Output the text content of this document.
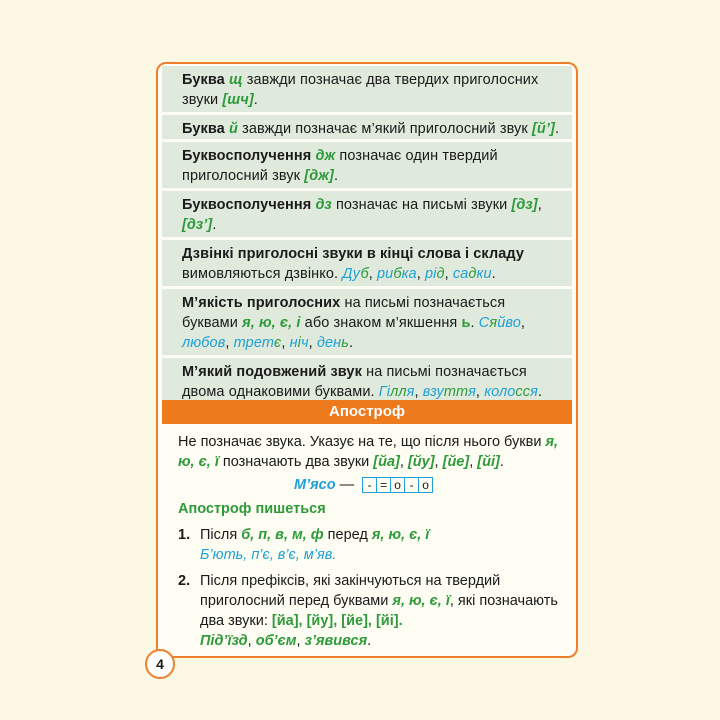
Буква щ завжди позначає два твердих приголосних звуки [шч].
Буква й завжди позначає м’який приголосний звук [й’].
Буквосполучення дж позначає один твердий приголосний звук [дж].
Буквосполучення дз позначає на письмі звуки [дз], [дз’].
Дзвінкі приголосні звуки в кінці слова і складу вимовляються дзвінко. Дуб, рибка, рід, садки.
М’якість приголосних на письмі позначається буквами я, ю, є, і або знаком м’якшення ь. Сяйво, любов, третє, ніч, день.
М’який подовжений звук на письмі позначається двома однаковими буквами. Гілля, взуття, колосся.
Апостроф
Не позначає звука. Указує на те, що після нього букви я, ю, є, ї позначають два звуки [йа], [йу], [йе], [йі].
М’ясо —	- = o - o
Апостроф пишеться
1. Після б, п, в, м, ф перед я, ю, є, ї
Б’ють, п’є, в’є, м’яв.
2. Після префіксів, які закінчуються на твердий приголосний перед буквами я, ю, є, ї, які позначають два звуки: [йа], [йу], [йе], [йі].
Під’їзд, об’єм, з’явився.
4
